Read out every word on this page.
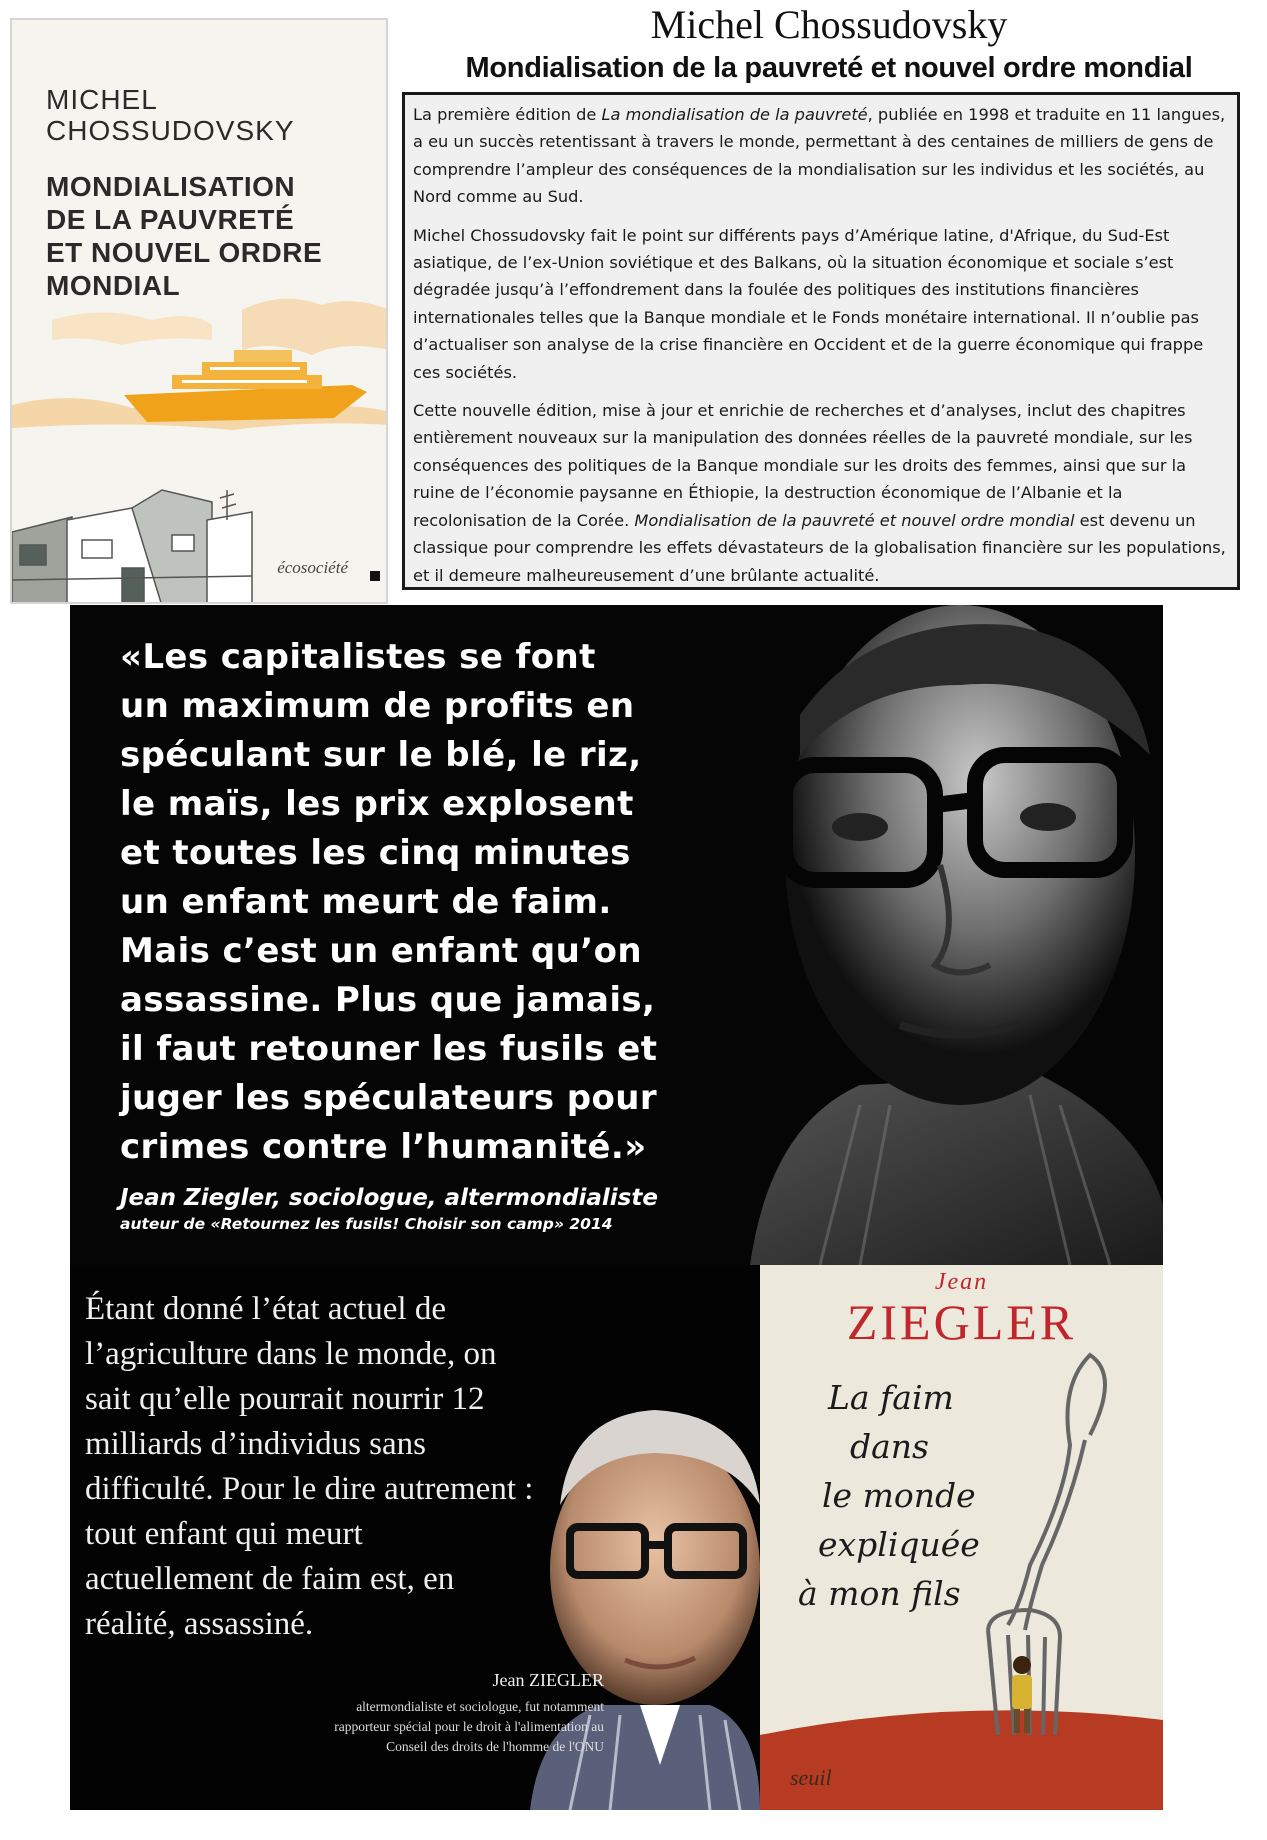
MICHEL
CHOSSUDOVSKY

MONDIALISATION
DE LA PAUVRETÉ
ET NOUVEL ORDRE
MONDIAL

écosociété
Michel Chossudovsky
Mondialisation de la pauvreté et nouvel ordre mondial

La première édition de La mondialisation de la pauvreté, publiée en 1998 et traduite en 11 langues, a eu un succès retentissant à travers le monde, permettant à des centaines de milliers de gens de comprendre l’ampleur des conséquences de la mondialisation sur les individus et les sociétés, au Nord comme au Sud.

Michel Chossudovsky fait le point sur différents pays d’Amérique latine, d'Afrique, du Sud-Est asiatique, de l’ex-Union soviétique et des Balkans, où la situation économique et sociale s’est dégradée jusqu’à l’effondrement dans la foulée des politiques des institutions financières internationales telles que la Banque mondiale et le Fonds monétaire international. Il n’oublie pas d’actualiser son analyse de la crise financière en Occident et de la guerre économique qui frappe ces sociétés.

Cette nouvelle édition, mise à jour et enrichie de recherches et d’analyses, inclut des chapitres entièrement nouveaux sur la manipulation des données réelles de la pauvreté mondiale, sur les conséquences des politiques de la Banque mondiale sur les droits des femmes, ainsi que sur la ruine de l’économie paysanne en Éthiopie, la destruction économique de l’Albanie et la recolonisation de la Corée. Mondialisation de la pauvreté et nouvel ordre mondial est devenu un classique pour comprendre les effets dévastateurs de la globalisation financière sur les populations, et il demeure malheureusement d’une brûlante actualité.

«Les capitalistes se font
un maximum de profits en
spéculant sur le blé, le riz,
le maïs, les prix explosent
et toutes les cinq minutes
un enfant meurt de faim.
Mais c’est un enfant qu’on
assassine. Plus que jamais,
il faut retouner les fusils et
juger les spéculateurs pour
crimes contre l’humanité.»

Jean Ziegler, sociologue, altermondialiste
auteur de «Retournez les fusils! Choisir son camp» 2014

Étant donné l’état actuel de
l’agriculture dans le monde, on
sait qu’elle pourrait nourrir 12
milliards d’individus sans
difficulté. Pour le dire autrement :
tout enfant qui meurt
actuellement de faim est, en
réalité, assassiné.

Jean ZIEGLER

altermondialiste et sociologue, fut notamment
rapporteur spécial pour le droit à l'alimentation au
Conseil des droits de l'homme de l'ONU

Jean
ZIEGLER

La faim
dans
le monde
expliquée
à mon fils

seuil
